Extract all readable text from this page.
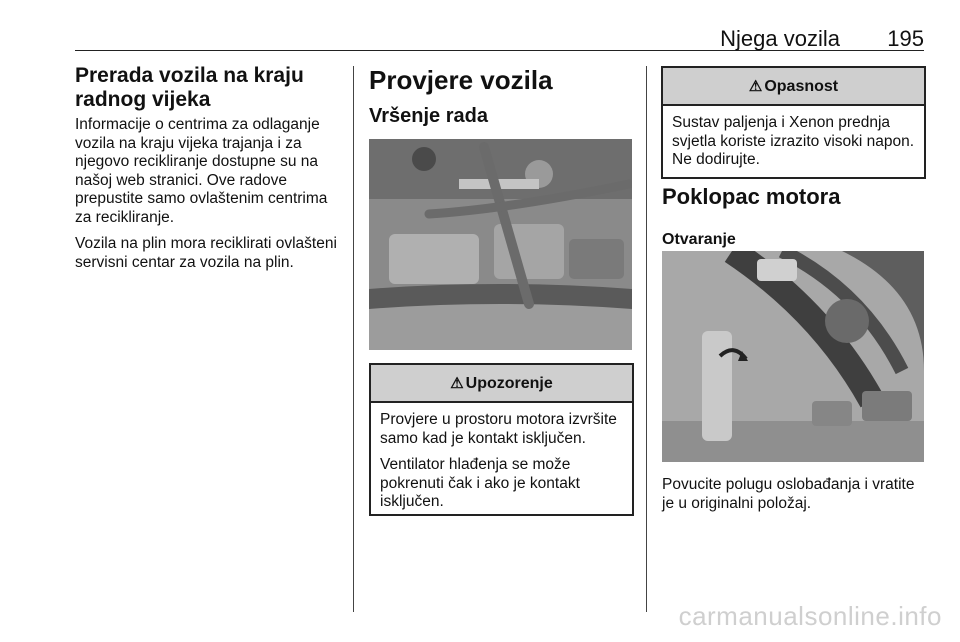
Njega vozila 195
Prerada vozila na kraju radnog vijeka

Informacije o centrima za odlaganje vozila na kraju vijeka trajanja i za njegovo recikliranje dostupne su na našoj web stranici. Ove radove prepustite samo ovlaštenim centrima za recikliranje.

Vozila na plin mora reciklirati ovlašteni servisni centar za vozila na plin.

Provjere vozila
Vršenje rada
⚠ Upozorenje

Provjere u prostoru motora izvršite samo kad je kontakt isključen.

Ventilator hlađenja se može pokrenuti čak i ako je kontakt isključen.

⚠ Opasnost

Sustav paljenja i Xenon prednja svjetla koriste izrazito visoki napon. Ne dodirujte.

Poklopac motora
Otvaranje

Povucite polugu oslobađanja i vratite je u originalni položaj.

carmanualsonline.info
